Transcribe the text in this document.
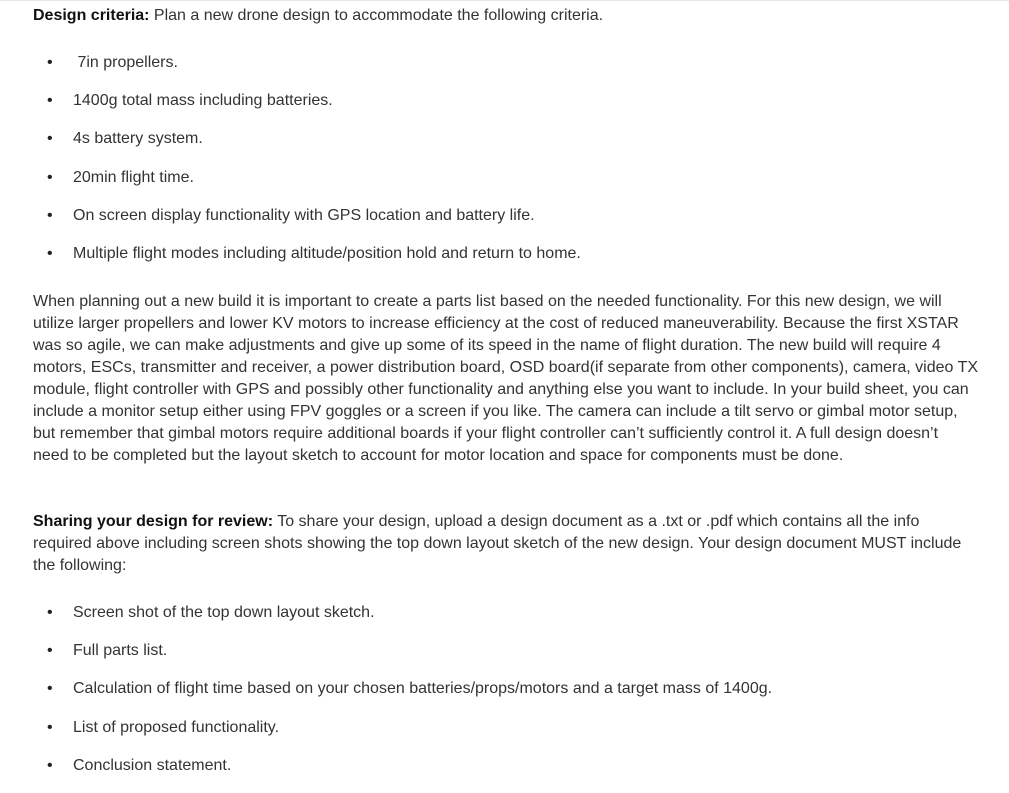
Design criteria: Plan a new drone design to accommodate the following criteria.

• 7in propellers.
• 1400g total mass including batteries.
• 4s battery system.
• 20min flight time.
• On screen display functionality with GPS location and battery life.
• Multiple flight modes including altitude/position hold and return to home.

When planning out a new build it is important to create a parts list based on the needed functionality. For this new design, we will utilize larger propellers and lower KV motors to increase efficiency at the cost of reduced maneuverability. Because the first XSTAR was so agile, we can make adjustments and give up some of its speed in the name of flight duration. The new build will require 4 motors, ESCs, transmitter and receiver, a power distribution board, OSD board(if separate from other components), camera, video TX module, flight controller with GPS and possibly other functionality and anything else you want to include. In your build sheet, you can include a monitor setup either using FPV goggles or a screen if you like. The camera can include a tilt servo or gimbal motor setup, but remember that gimbal motors require additional boards if your flight controller can’t sufficiently control it. A full design doesn’t need to be completed but the layout sketch to account for motor location and space for components must be done.

Sharing your design for review: To share your design, upload a design document as a .txt or .pdf which contains all the info required above including screen shots showing the top down layout sketch of the new design. Your design document MUST include the following:

• Screen shot of the top down layout sketch.
• Full parts list.
• Calculation of flight time based on your chosen batteries/props/motors and a target mass of 1400g.
• List of proposed functionality.
• Conclusion statement.
